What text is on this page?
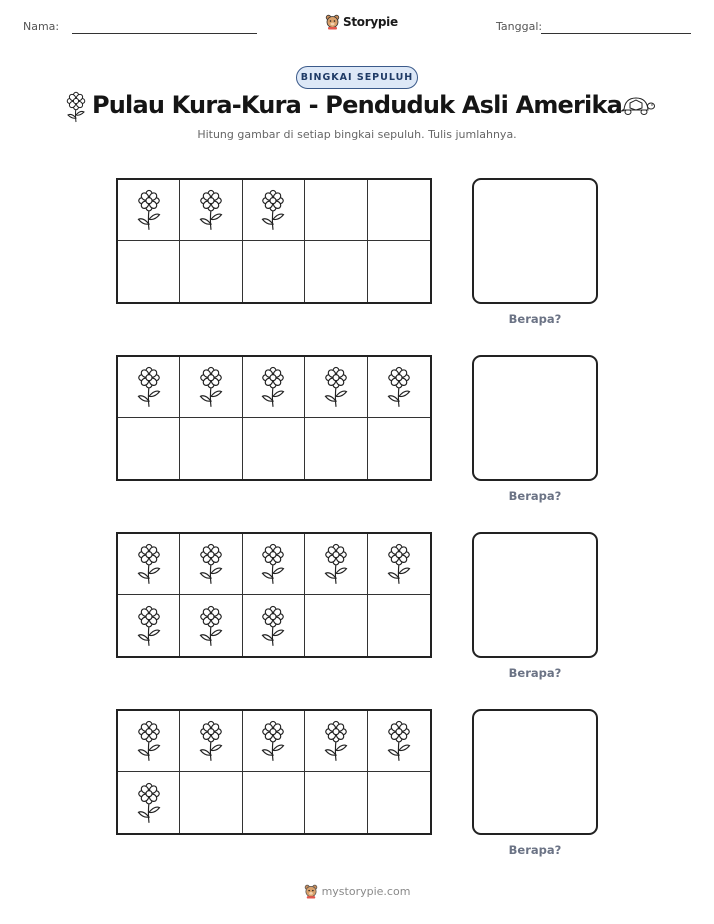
Nama:	Storypie	Tanggal:
BINGKAI SEPULUH
Pulau Kura-Kura - Penduduk Asli Amerika

Hitung gambar di setiap bingkai sepuluh. Tulis jumlahnya.

Berapa?
Berapa?
Berapa?
Berapa?
mystorypie.com
